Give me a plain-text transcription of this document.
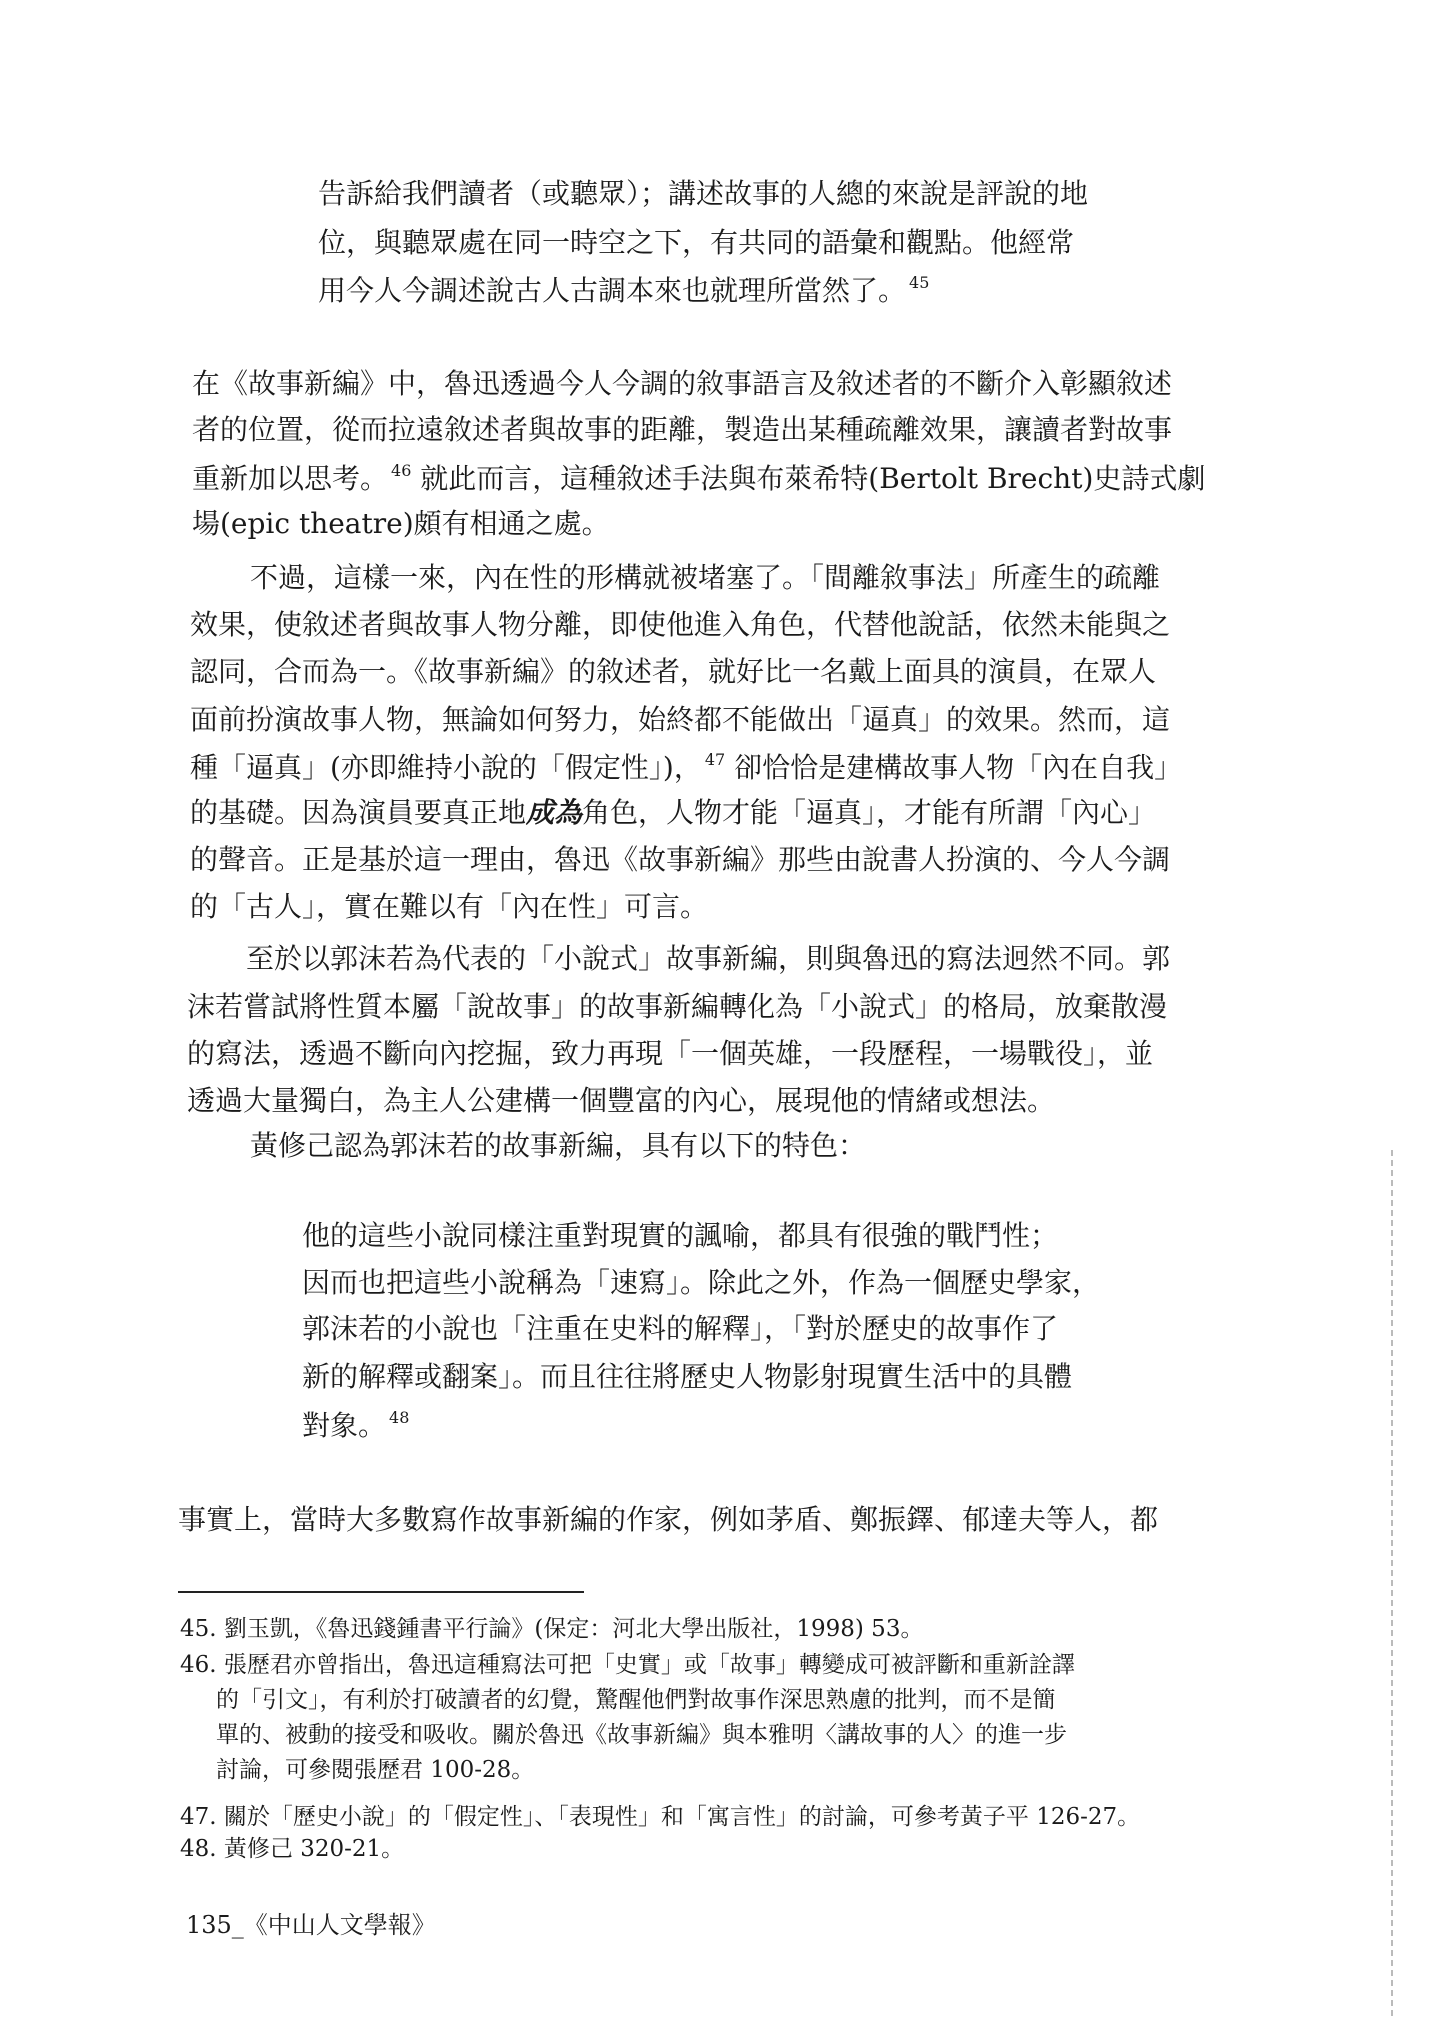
告訴給我們讀者（或聽眾）；講述故事的人總的來說是評說的地
位，與聽眾處在同一時空之下，有共同的語彙和觀點。他經常
用今人今調述說古人古調本來也就理所當然了。 $^{45}$
在《故事新編》中，魯迅透過今人今調的敘事語言及敘述者的不斷介入彰顯敘述
者的位置，從而拉遠敘述者與故事的距離，製造出某種疏離效果，讓讀者對故事
重新加以思考。 $^{46}$ 就此而言，這種敘述手法與布萊希特(Bertolt Brecht)史詩式劇
場(epic theatre)頗有相通之處。
不過，這樣一來，內在性的形構就被堵塞了。「間離敘事法」所產生的疏離
效果，使敘述者與故事人物分離，即使他進入角色，代替他說話，依然未能與之
認同，合而為一。《故事新編》的敘述者，就好比一名戴上面具的演員，在眾人
面前扮演故事人物，無論如何努力，始終都不能做出「逼真」的效果。然而，這
種「逼真」(亦即維持小說的「假定性」)， $^{47}$ 卻恰恰是建構故事人物「內在自我」
的基礎。因為演員要真正地成為角色，人物才能「逼真」，才能有所謂「內心」
的聲音。正是基於這一理由，魯迅《故事新編》那些由說書人扮演的、今人今調
的「古人」，實在難以有「內在性」可言。
至於以郭沫若為代表的「小說式」故事新編，則與魯迅的寫法迥然不同。郭
沫若嘗試將性質本屬「說故事」的故事新編轉化為「小說式」的格局，放棄散漫
的寫法，透過不斷向內挖掘，致力再現「一個英雄，一段歷程，一場戰役」，並
透過大量獨白，為主人公建構一個豐富的內心，展現他的情緒或想法。
黃修己認為郭沫若的故事新編，具有以下的特色：
他的這些小說同樣注重對現實的諷喻，都具有很強的戰鬥性；
因而也把這些小說稱為「速寫」。除此之外，作為一個歷史學家，
郭沫若的小說也「注重在史料的解釋」，「對於歷史的故事作了
新的解釋或翻案」。而且往往將歷史人物影射現實生活中的具體
對象。 $^{48}$
事實上，當時大多數寫作故事新編的作家，例如茅盾、鄭振鐸、郁達夫等人，都
45. 劉玉凱，《魯迅錢鍾書平行論》(保定：河北大學出版社，1998) 53。
46. 張歷君亦曾指出，魯迅這種寫法可把「史實」或「故事」轉變成可被評斷和重新詮譯
的「引文」，有利於打破讀者的幻覺，驚醒他們對故事作深思熟慮的批判，而不是簡
單的、被動的接受和吸收。關於魯迅《故事新編》與本雅明〈講故事的人〉的進一步
討論，可參閱張歷君 100-28。
47. 關於「歷史小說」的「假定性」、「表現性」和「寓言性」的討論，可參考黃子平 126-27。
48. 黃修己 320-21。
135_《中山人文學報》
